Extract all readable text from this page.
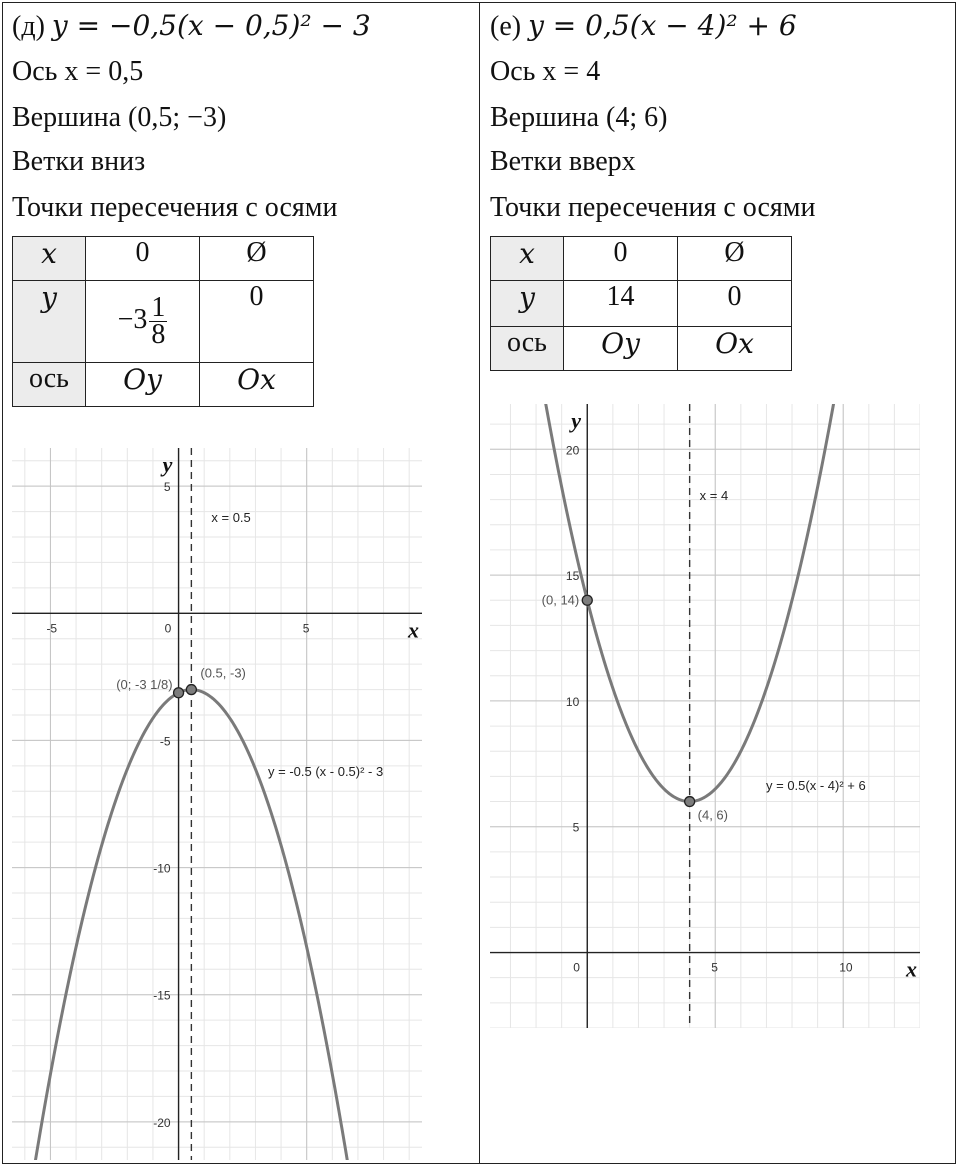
(д) y = −0,5(x − 0,5)² − 3
Ось x = 0,5
Вершина (0,5; −3)
Ветки вниз
Точки пересечения с осями
x	0	Ø
y	$-3 \frac{1}{8}$	0
ось	Oy	Ox
x
y
-5	0	5
5
-5
-10
-15
-20
x = 0.5
y = -0.5 (x - 0.5)² - 3
(0; -3 1/8)
(0.5, -3)
(е) y = 0,5(x − 4)² + 6
Ось x = 4
Вершина (4; 6)
Ветки вверх
Точки пересечения с осями
x	0	Ø
y	14	0
ось	Oy	Ox
x
y
0	5	10
20
15
10
5
x = 4
y = 0.5(x - 4)² + 6
(0, 14)
(4, 6)
